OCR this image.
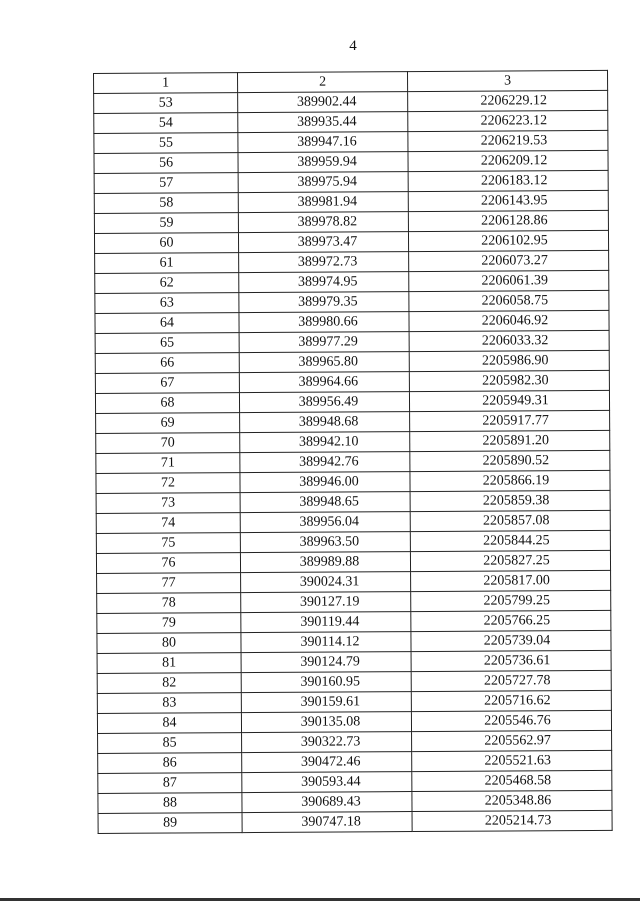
4
1	2	3
53	389902.44	2206229.12
54	389935.44	2206223.12
55	389947.16	2206219.53
56	389959.94	2206209.12
57	389975.94	2206183.12
58	389981.94	2206143.95
59	389978.82	2206128.86
60	389973.47	2206102.95
61	389972.73	2206073.27
62	389974.95	2206061.39
63	389979.35	2206058.75
64	389980.66	2206046.92
65	389977.29	2206033.32
66	389965.80	2205986.90
67	389964.66	2205982.30
68	389956.49	2205949.31
69	389948.68	2205917.77
70	389942.10	2205891.20
71	389942.76	2205890.52
72	389946.00	2205866.19
73	389948.65	2205859.38
74	389956.04	2205857.08
75	389963.50	2205844.25
76	389989.88	2205827.25
77	390024.31	2205817.00
78	390127.19	2205799.25
79	390119.44	2205766.25
80	390114.12	2205739.04
81	390124.79	2205736.61
82	390160.95	2205727.78
83	390159.61	2205716.62
84	390135.08	2205546.76
85	390322.73	2205562.97
86	390472.46	2205521.63
87	390593.44	2205468.58
88	390689.43	2205348.86
89	390747.18	2205214.73
